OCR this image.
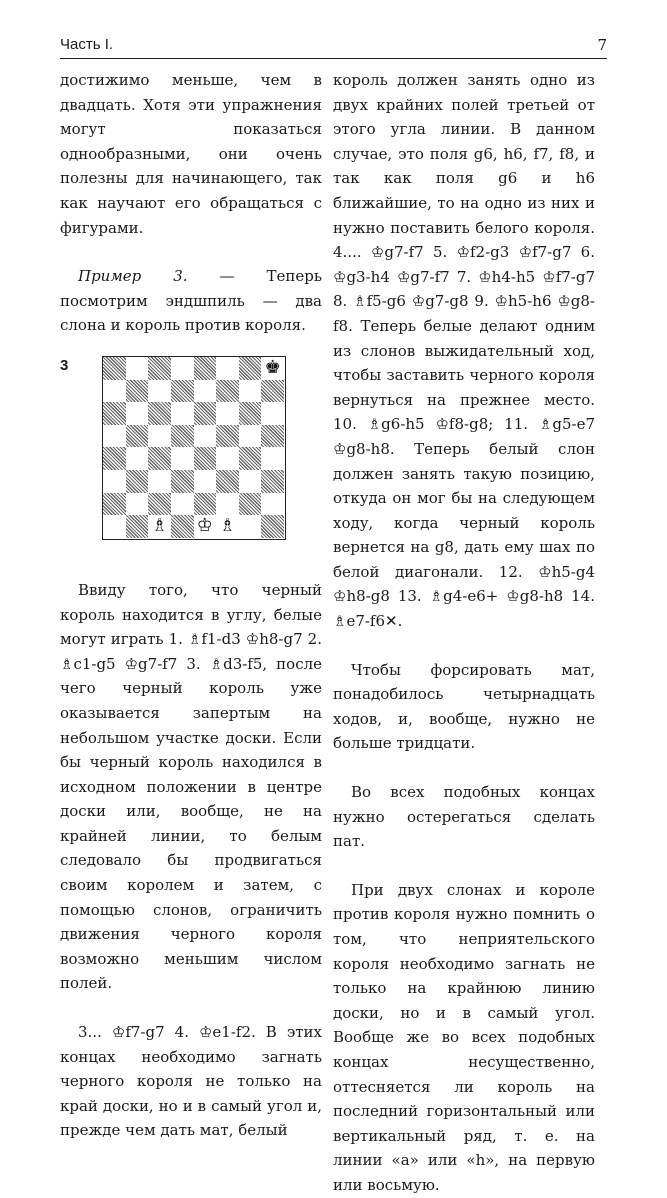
Часть I.	7

достижимо меньше, чем в двадцать. Хотя эти упражнения могут показаться однообразными, они очень полезны для начинающего, так как научают его обращаться с фигурами.

Пример 3. — Теперь посмотрим эндшпиль — два слона и король против короля.

3	♚
♗ ♔ ♗

Ввиду того, что черный король находится в углу, белые могут играть 1. ♗f1-d3 ♔h8-g7 2. ♗c1-g5 ♔g7-f7 3. ♗d3-f5, после чего черный король уже оказывается запертым на небольшом участке доски. Если бы черный король находился в исходном положении в центре доски или, вообще, не на крайней линии, то белым следовало бы продвигаться своим королем и затем, с помощью слонов, ограничить движения черного короля возможно меньшим числом полей.

3... ♔f7-g7 4. ♔e1-f2. В этих концах необходимо загнать черного короля не только на край доски, но и в самый угол и, прежде чем дать мат, белый

король должен занять одно из двух крайних полей третьей от этого угла линии. В данном случае, это поля g6, h6, f7, f8, и так как поля g6 и h6 ближайшие, то на одно из них и нужно поставить белого короля. 4.... ♔g7-f7 5. ♔f2-g3 ♔f7-g7 6. ♔g3-h4 ♔g7-f7 7. ♔h4-h5 ♔f7-g7 8. ♗f5-g6 ♔g7-g8 9. ♔h5-h6 ♔g8-f8. Теперь белые делают одним из слонов выжидательный ход, чтобы заставить черного короля вернуться на прежнее место. 10. ♗g6-h5 ♔f8-g8; 11. ♗g5-e7 ♔g8-h8. Теперь белый слон должен занять такую позицию, откуда он мог бы на следующем ходу, когда черный король вернется на g8, дать ему шах по белой диагонали. 12. ♔h5-g4 ♔h8-g8 13. ♗g4-e6+ ♔g8-h8 14. ♗e7-f6✕.

Чтобы форсировать мат, понадобилось четырнадцать ходов, и, вообще, нужно не больше тридцати.

Во всех подобных концах нужно остерегаться сделать пат.

При двух слонах и короле против короля нужно помнить о том, что неприятельского короля необходимо загнать не только на крайнюю линию доски, но и в самый угол. Вообще же во всех подобных концах несущественно, оттесняется ли король на последний горизонтальный или вертикальный ряд, т. е. на линии «a» или «h», на первую или восьмую.
